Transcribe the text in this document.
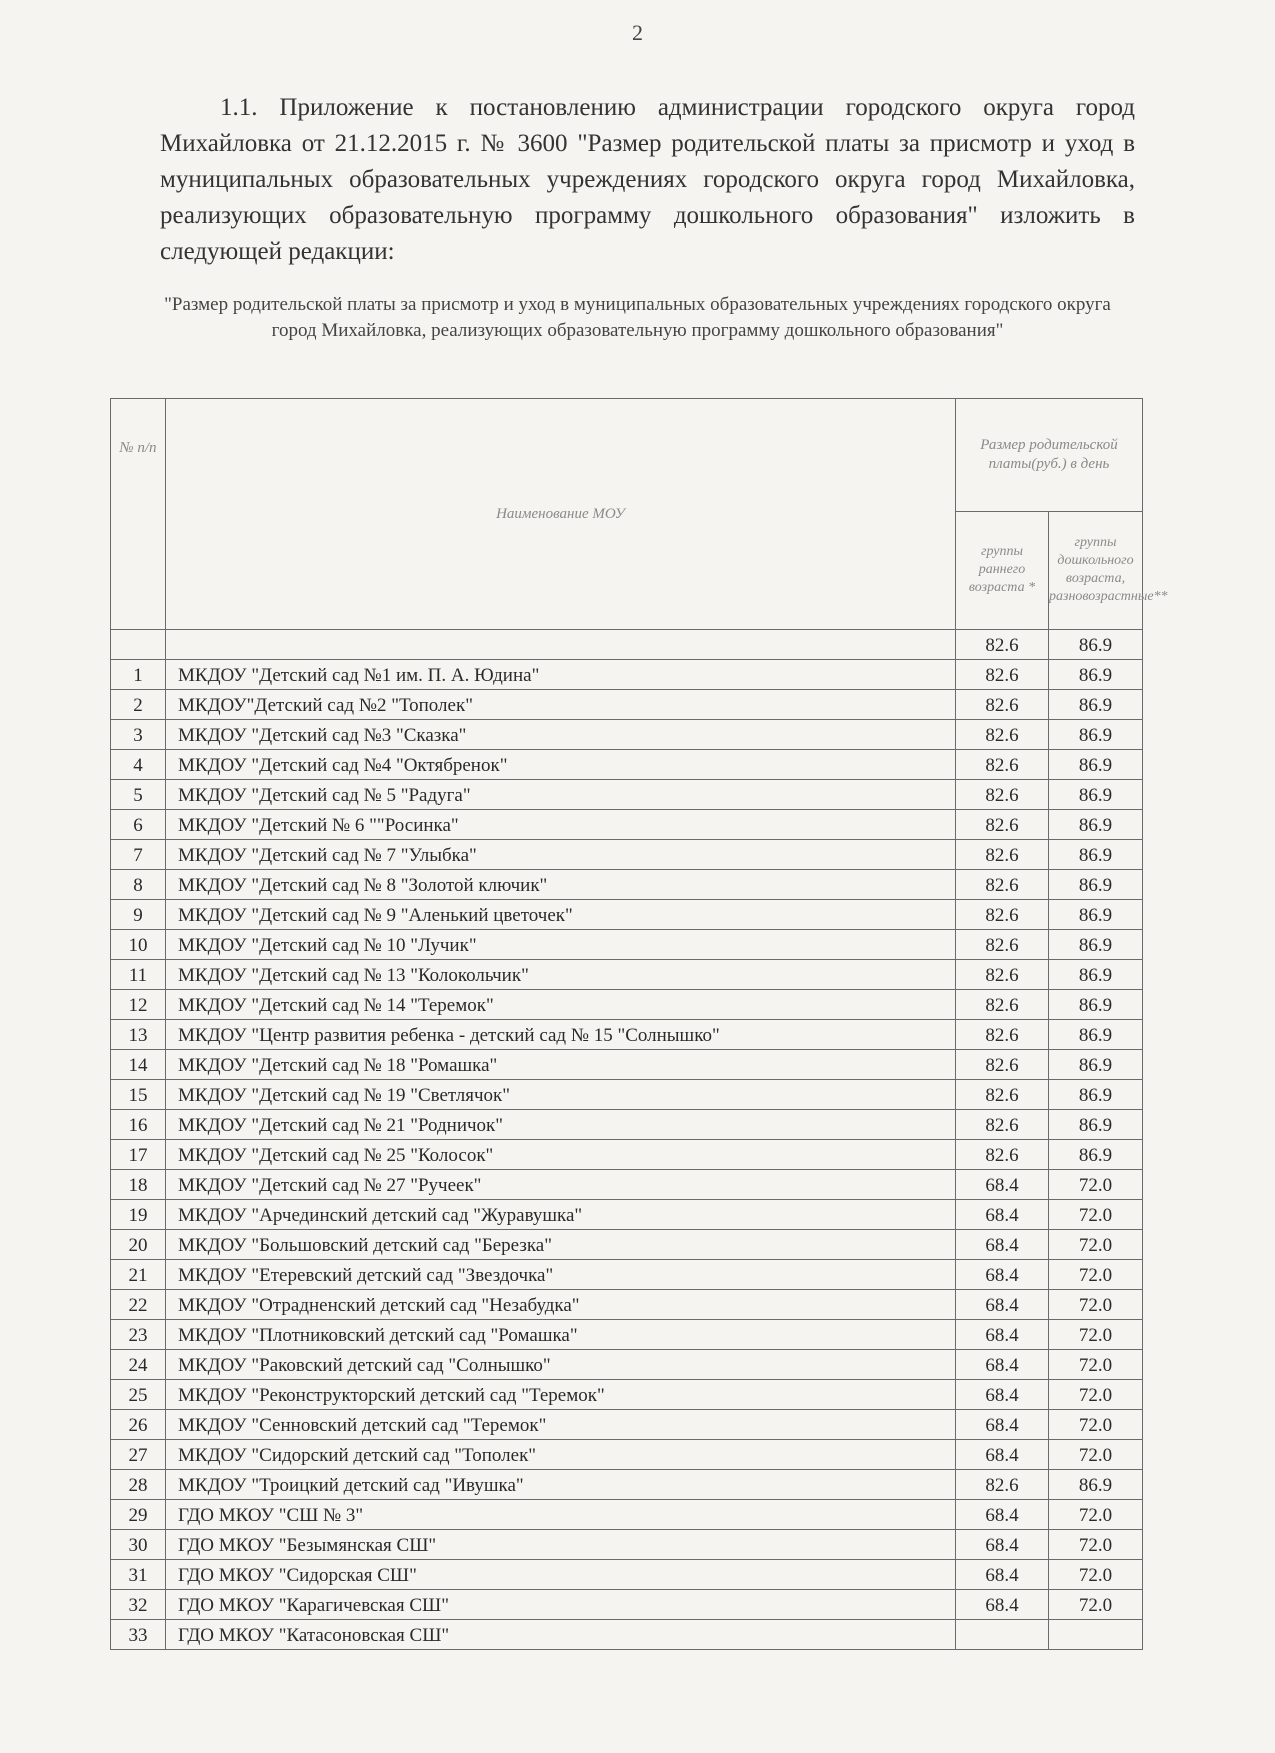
2
1.1. Приложение к постановлению администрации городского округа город Михайловка от 21.12.2015 г. № 3600 "Размер родительской платы за присмотр и уход в муниципальных образовательных учреждениях городского округа город Михайловка, реализующих образовательную программу дошкольного образования" изложить в следующей редакции:
"Размер родительской платы за присмотр и уход в муниципальных образовательных учреждениях городского округа город Михайловка, реализующих образовательную программу дошкольного образования"
№ п/п	Наименование МОУ	Размер родительской платы(руб.) в день	
		группы раннего возраста *	группы дошкольного возраста, разновозрастные**
		82.6	86.9
1	МКДОУ "Детский сад №1 им. П. А. Юдина"	82.6	86.9
2	МКДОУ"Детский сад №2 "Тополек"	82.6	86.9
3	МКДОУ "Детский сад №3 "Сказка"	82.6	86.9
4	МКДОУ "Детский сад №4 "Октябренок"	82.6	86.9
5	МКДОУ "Детский сад № 5 "Радуга"	82.6	86.9
6	МКДОУ "Детский № 6 ""Росинка"	82.6	86.9
7	МКДОУ "Детский сад № 7 "Улыбка"	82.6	86.9
8	МКДОУ "Детский сад № 8 "Золотой ключик"	82.6	86.9
9	МКДОУ "Детский сад № 9 "Аленький цветочек"	82.6	86.9
10	МКДОУ "Детский сад № 10 "Лучик"	82.6	86.9
11	МКДОУ "Детский сад № 13 "Колокольчик"	82.6	86.9
12	МКДОУ "Детский сад № 14 "Теремок"	82.6	86.9
13	МКДОУ "Центр развития ребенка - детский сад № 15 "Солнышко"	82.6	86.9
14	МКДОУ "Детский сад № 18 "Ромашка"	82.6	86.9
15	МКДОУ "Детский сад № 19 "Светлячок"	82.6	86.9
16	МКДОУ "Детский сад № 21 "Родничок"	82.6	86.9
17	МКДОУ "Детский сад № 25 "Колосок"	82.6	86.9
18	МКДОУ "Детский сад № 27 "Ручеек"	68.4	72.0
19	МКДОУ "Арчединский детский сад "Журавушка"	68.4	72.0
20	МКДОУ "Большовский детский сад "Березка"	68.4	72.0
21	МКДОУ "Етеревский детский сад "Звездочка"	68.4	72.0
22	МКДОУ "Отрадненский детский сад "Незабудка"	68.4	72.0
23	МКДОУ "Плотниковский детский сад "Ромашка"	68.4	72.0
24	МКДОУ "Раковский детский сад "Солнышко"	68.4	72.0
25	МКДОУ "Реконструкторский детский сад "Теремок"	68.4	72.0
26	МКДОУ "Сенновский детский сад "Теремок"	68.4	72.0
27	МКДОУ "Сидорский детский сад "Тополек"	68.4	72.0
28	МКДОУ "Троицкий детский сад "Ивушка"	82.6	86.9
29	ГДО МКОУ "СШ № 3"	68.4	72.0
30	ГДО МКОУ "Безымянская СШ"	68.4	72.0
31	ГДО МКОУ "Сидорская СШ"	68.4	72.0
32	ГДО МКОУ "Карагичевская СШ"	68.4	72.0
33	ГДО МКОУ "Катасоновская СШ"		
